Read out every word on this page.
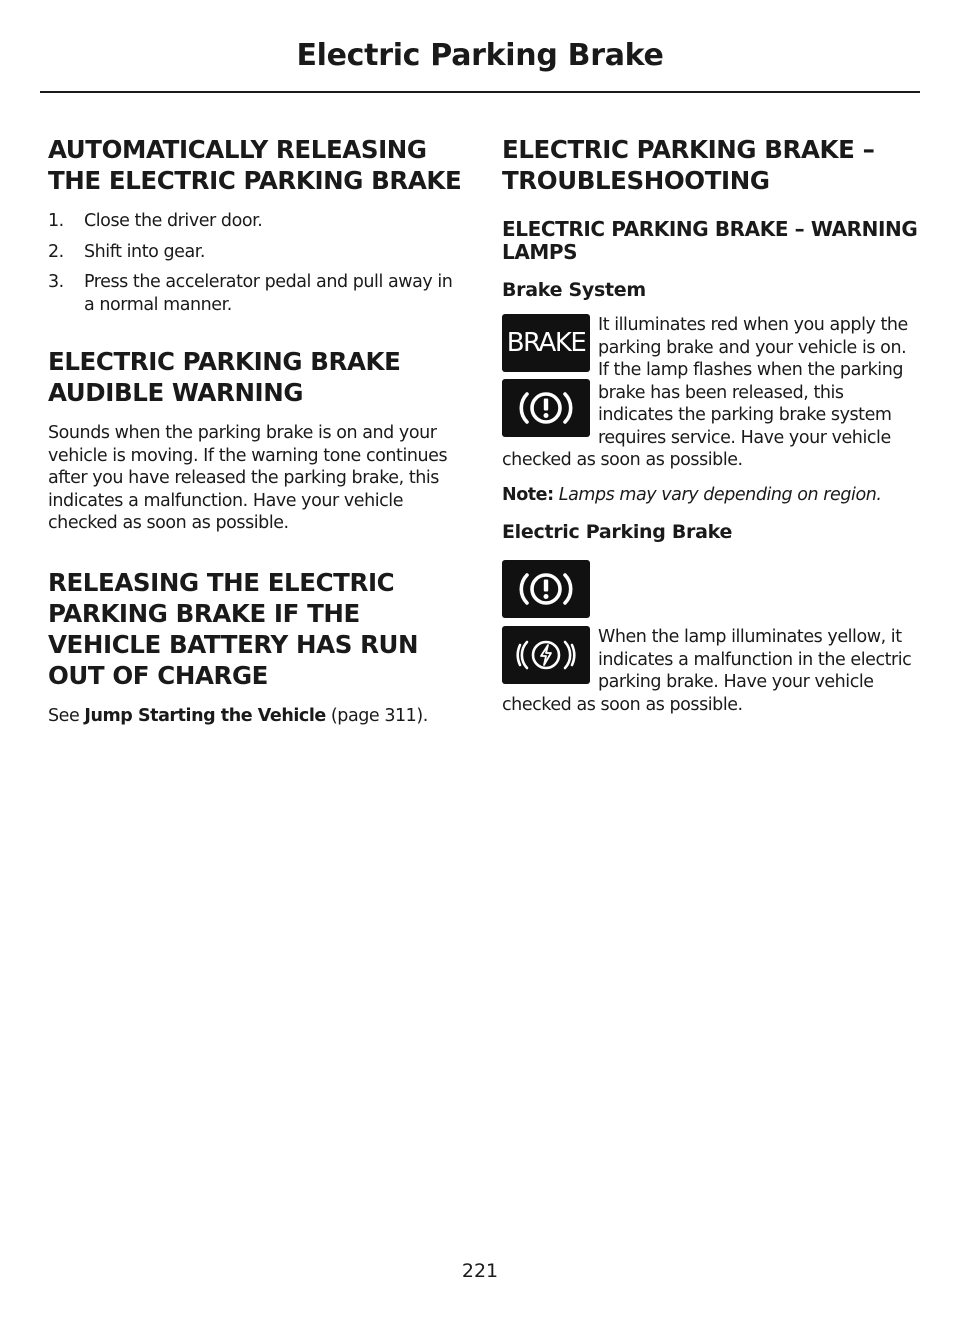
Electric Parking Brake
AUTOMATICALLY RELEASING THE ELECTRIC PARKING BRAKE
1. Close the driver door.
2. Shift into gear.
3. Press the accelerator pedal and pull away in a normal manner.
ELECTRIC PARKING BRAKE AUDIBLE WARNING

Sounds when the parking brake is on and your vehicle is moving. If the warning tone continues after you have released the parking brake, this indicates a malfunction. Have your vehicle checked as soon as possible.

RELEASING THE ELECTRIC PARKING BRAKE IF THE VEHICLE BATTERY HAS RUN OUT OF CHARGE

See Jump Starting the Vehicle (page 311).

ELECTRIC PARKING BRAKE – TROUBLESHOOTING
ELECTRIC PARKING BRAKE – WARNING LAMPS
Brake System
BRAKE

It illuminates red when you apply the parking brake and your vehicle is on. If the lamp flashes when the parking brake has been released, this indicates the parking brake system requires service. Have your vehicle checked as soon as possible.

Note: Lamps may vary depending on region.

Electric Parking Brake

When the lamp illuminates yellow, it indicates a malfunction in the electric parking brake. Have your vehicle checked as soon as possible.

221
